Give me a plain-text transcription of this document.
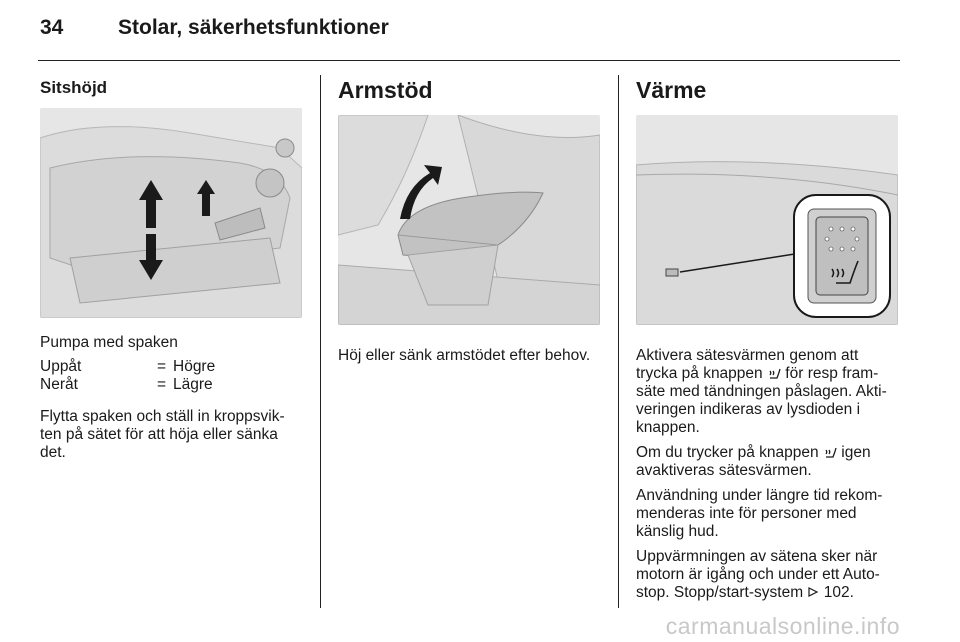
34	Stolar, säkerhetsfunktioner
Sitshöjd

Pumpa med spaken

Uppåt	= Högre
Neråt	= Lägre

Flytta spaken och ställ in kroppsvik-ten på sätet för att höja eller sänka det.

Armstöd

Höj eller sänk armstödet efter behov.

Värme

Aktivera sätesvärmen genom att trycka på knappen för resp fram-säte med tändningen påslagen. Akti-veringen indikeras av lysdioden i knappen.

Om du trycker på knappen igen avaktiveras sätesvärmen.

Användning under längre tid rekom-menderas inte för personer med känslig hud.

Uppvärmningen av sätena sker när motorn är igång och under ett Auto-stop. Stopp/start-system 102.

carmanualsonline.info
